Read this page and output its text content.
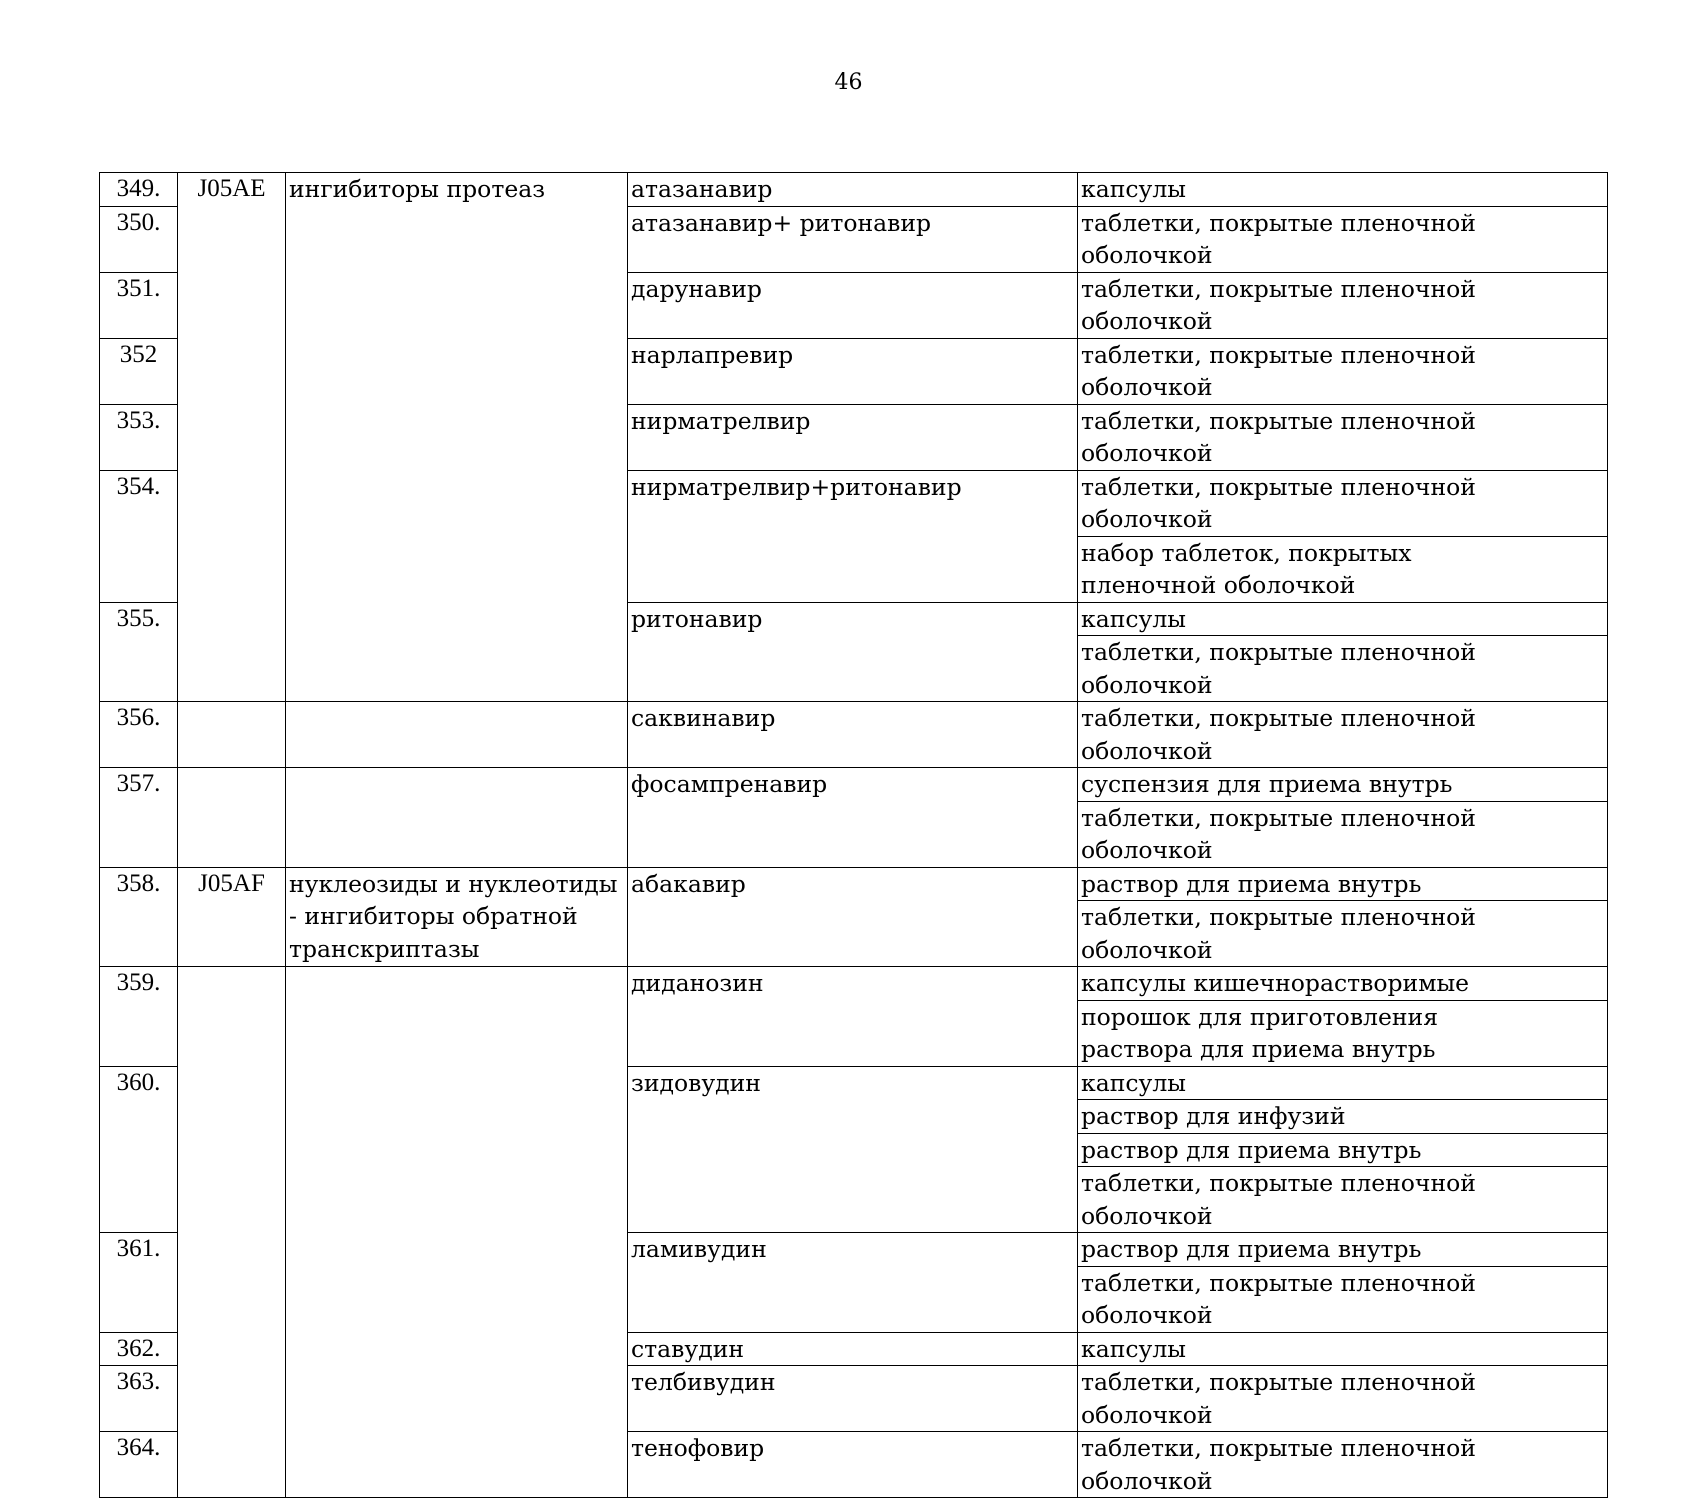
46
349.	J05AE	ингибиторы протеаз	атазанавир	капсулы
350.			атазанавир+ ритонавир	таблетки, покрытые пленочной оболочкой
351.			дарунавир	таблетки, покрытые пленочной оболочкой
352			нарлапревир	таблетки, покрытые пленочной оболочкой
353.			нирматрелвир	таблетки, покрытые пленочной оболочкой
354.			нирматрелвир+ритонавир	таблетки, покрытые пленочной оболочкой
				набор таблеток, покрытых пленочной оболочкой
355.			ритонавир	капсулы
				таблетки, покрытые пленочной оболочкой
356.			саквинавир	таблетки, покрытые пленочной оболочкой
357.			фосампренавир	суспензия для приема внутрь
				таблетки, покрытые пленочной оболочкой
358.	J05AF	нуклеозиды и нуклеотиды - ингибиторы обратной транскриптазы	абакавир	раствор для приема внутрь
				таблетки, покрытые пленочной оболочкой
359.			диданозин	капсулы кишечнорастворимые
				порошок для приготовления раствора для приема внутрь
360.			зидовудин	капсулы
				раствор для инфузий
				раствор для приема внутрь
				таблетки, покрытые пленочной оболочкой
361.			ламивудин	раствор для приема внутрь
				таблетки, покрытые пленочной оболочкой
362.			ставудин	капсулы
363.			телбивудин	таблетки, покрытые пленочной оболочкой
364.			тенофовир	таблетки, покрытые пленочной оболочкой
